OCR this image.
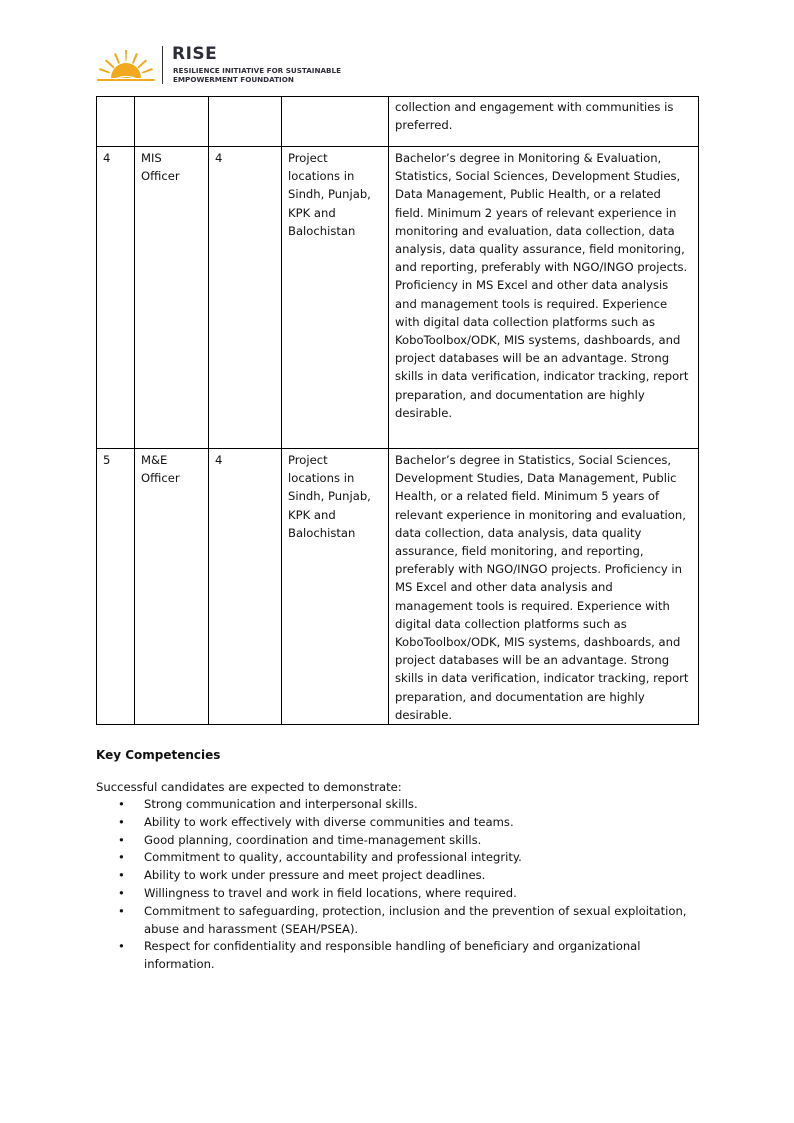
RISE
RESILIENCE INITIATIVE FOR SUSTAINABLE
EMPOWERMENT FOUNDATION
				collection and engagement with communities is preferred.
4	MIS Officer	4	Project locations in Sindh, Punjab, KPK and Balochistan	Bachelor’s degree in Monitoring & Evaluation, Statistics, Social Sciences, Development Studies, Data Management, Public Health, or a related field. Minimum 2 years of relevant experience in monitoring and evaluation, data collection, data analysis, data quality assurance, field monitoring, and reporting, preferably with NGO/INGO projects. Proficiency in MS Excel and other data analysis and management tools is required. Experience with digital data collection platforms such as KoboToolbox/ODK, MIS systems, dashboards, and project databases will be an advantage. Strong skills in data verification, indicator tracking, report preparation, and documentation are highly desirable.
5	M&E Officer	4	Project locations in Sindh, Punjab, KPK and Balochistan	Bachelor’s degree in Statistics, Social Sciences, Development Studies, Data Management, Public Health, or a related field. Minimum 5 years of relevant experience in monitoring and evaluation, data collection, data analysis, data quality assurance, field monitoring, and reporting, preferably with NGO/INGO projects. Proficiency in MS Excel and other data analysis and management tools is required. Experience with digital data collection platforms such as KoboToolbox/ODK, MIS systems, dashboards, and project databases will be an advantage. Strong skills in data verification, indicator tracking, report preparation, and documentation are highly desirable.
Key Competencies
Successful candidates are expected to demonstrate:
• Strong communication and interpersonal skills.
• Ability to work effectively with diverse communities and teams.
• Good planning, coordination and time-management skills.
• Commitment to quality, accountability and professional integrity.
• Ability to work under pressure and meet project deadlines.
• Willingness to travel and work in field locations, where required.
• Commitment to safeguarding, protection, inclusion and the prevention of sexual exploitation, abuse and harassment (SEAH/PSEA).
• Respect for confidentiality and responsible handling of beneficiary and organizational information.
